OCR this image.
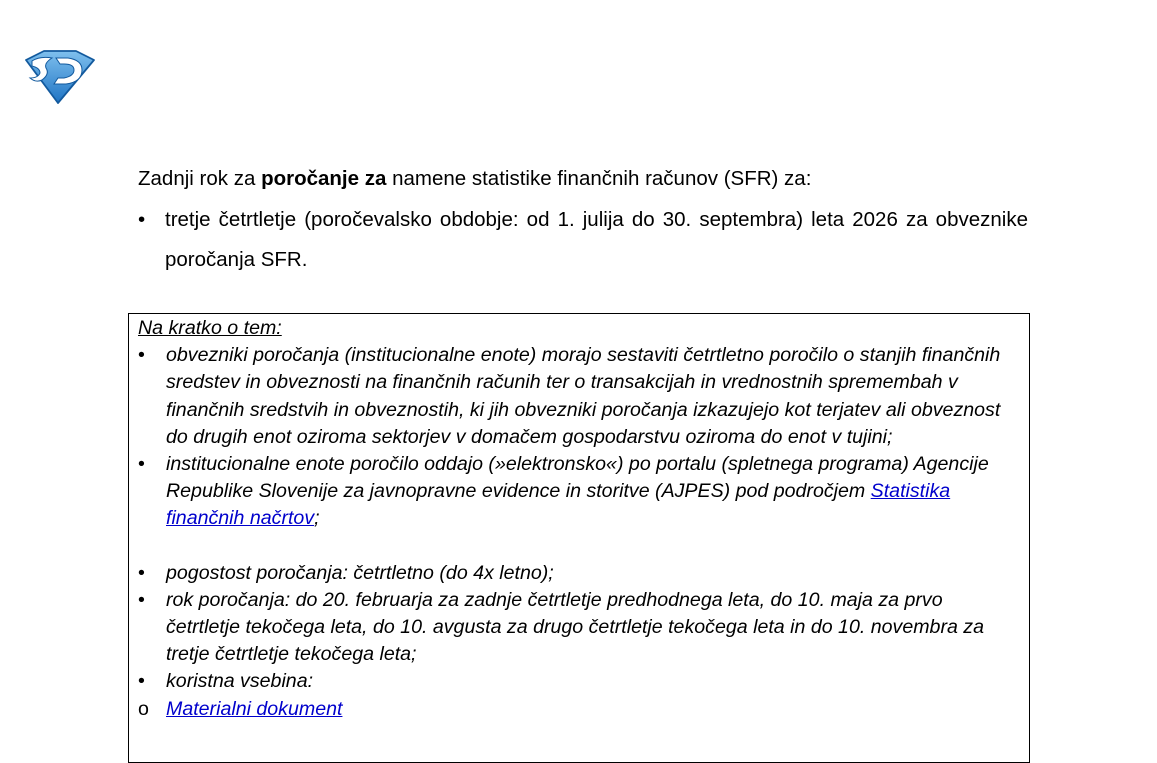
Zadnji rok za poročanje za namene statistike finančnih računov (SFR) za:

• tretje četrtletje (poročevalsko obdobje: od 1. julija do 30. septembra) leta 2026 za obveznike poročanja SFR.

Na kratko o tem:

•	obvezniki poročanja (institucionalne enote) morajo sestaviti četrtletno poročilo o stanjih finančnih sredstev in obveznosti na finančnih računih ter o transakcijah in vrednostnih spremembah v finančnih sredstvih in obveznostih, ki jih obvezniki poročanja izkazujejo kot terjatev ali obveznost do drugih enot oziroma sektorjev v domačem gospodarstvu oziroma do enot v tujini;
•	institucionalne enote poročilo oddajo (»elektronsko«) po portalu (spletnega programa) Agencije Republike Slovenije za javnopravne evidence in storitve (AJPES) pod področjem Statistika finančnih načrtov;
•	pogostost poročanja: četrtletno (do 4x letno);
•	rok poročanja: do 20. februarja za zadnje četrtletje predhodnega leta, do 10. maja za prvo četrtletje tekočega leta, do 10. avgusta za drugo četrtletje tekočega leta in do 10. novembra za tretje četrtletje tekočega leta;
•	koristna vsebina:
o Materialni dokument
